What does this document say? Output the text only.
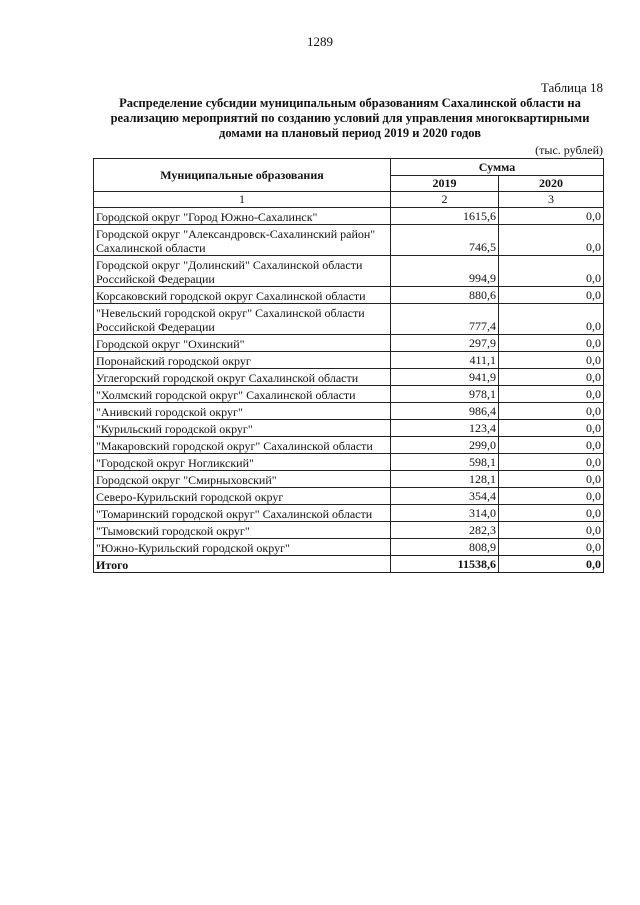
1289
Таблица 18
Распределение субсидии муниципальным образованиям Сахалинской области на реализацию мероприятий по созданию условий для управления многоквартирными домами на плановый период 2019 и 2020 годов
(тыс. рублей)
Муниципальные образования	Сумма	
	2019	2020
1	2	3
Городской округ "Город Южно-Сахалинск"	1615,6	0,0
Городской округ "Александровск-Сахалинский район" Сахалинской области	746,5	0,0
Городской округ "Долинский" Сахалинской области Российской Федерации	994,9	0,0
Корсаковский городской округ Сахалинской области	880,6	0,0
"Невельский городской округ" Сахалинской области Российской Федерации	777,4	0,0
Городской округ "Охинский"	297,9	0,0
Поронайский городской округ	411,1	0,0
Углегорский городской округ Сахалинской области	941,9	0,0
"Холмский городской округ" Сахалинской области	978,1	0,0
"Анивский городской округ"	986,4	0,0
"Курильский городской округ"	123,4	0,0
"Макаровский городской округ" Сахалинской области	299,0	0,0
"Городской округ Ногликский"	598,1	0,0
Городской округ "Смирныховский"	128,1	0,0
Северо-Курильский городской округ	354,4	0,0
"Томаринский городской округ" Сахалинской области	314,0	0,0
"Тымовский городской округ"	282,3	0,0
"Южно-Курильский городской округ"	808,9	0,0
Итого	11538,6	0,0
